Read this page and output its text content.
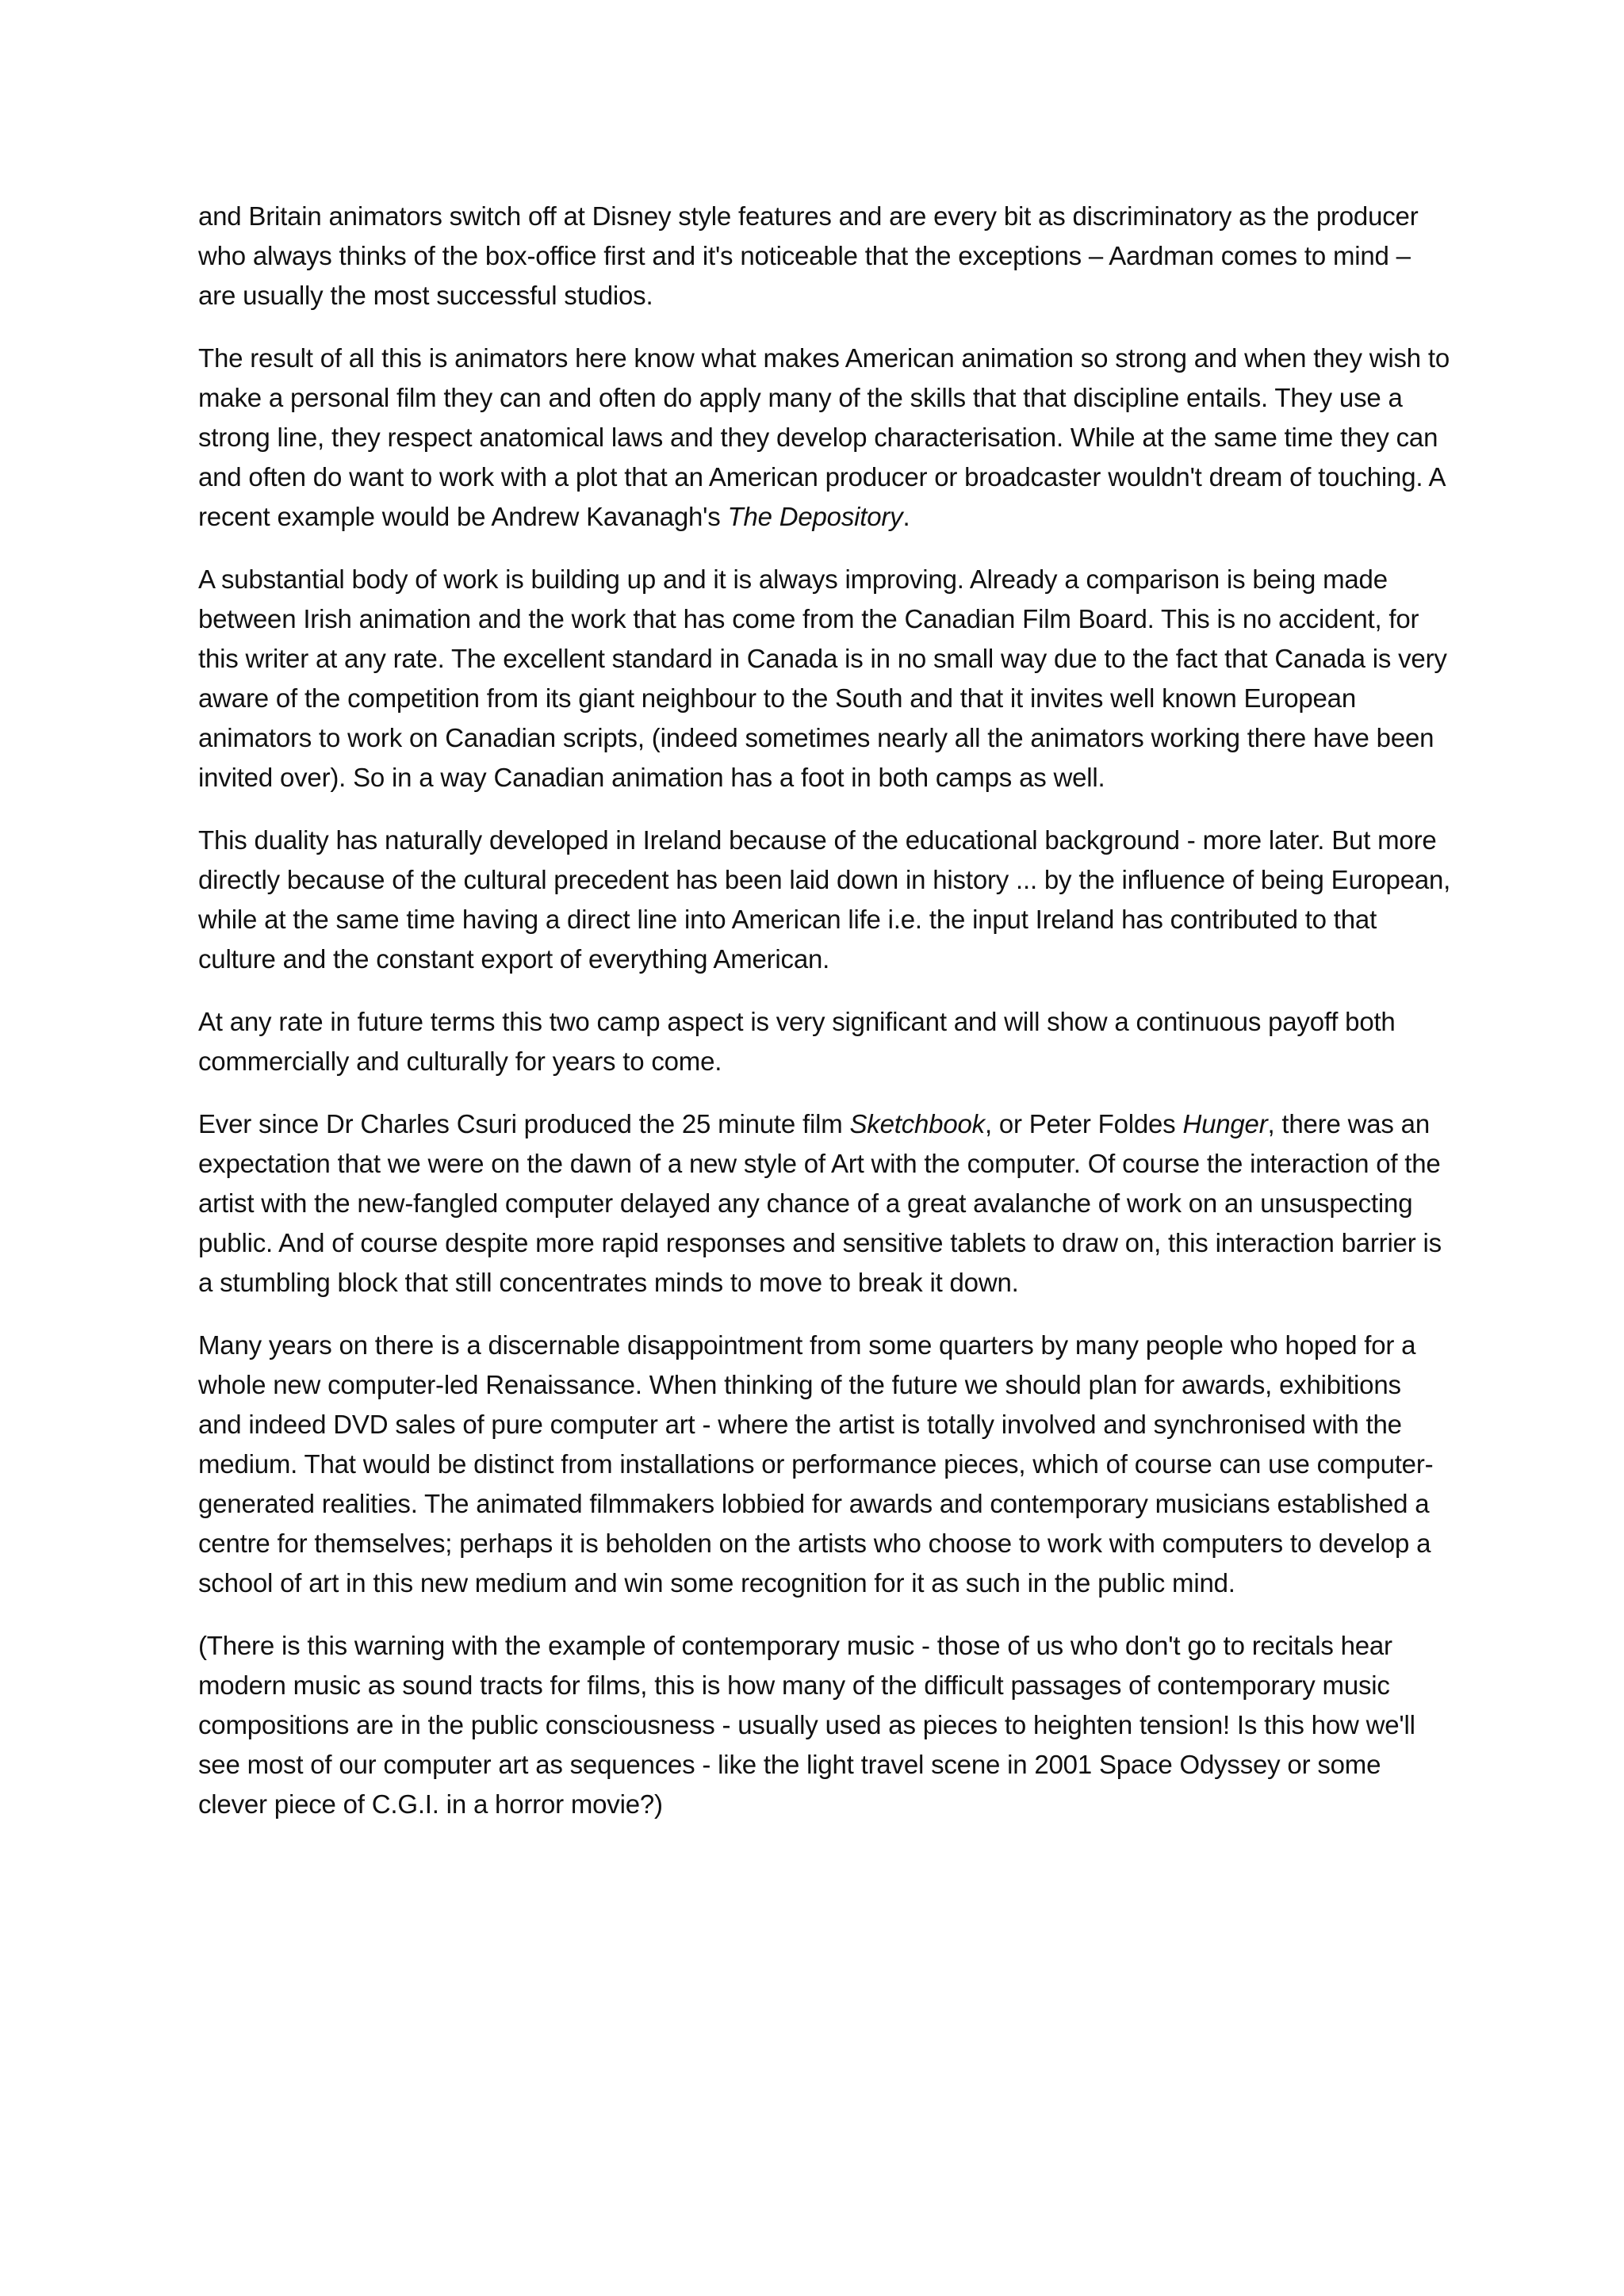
and Britain animators switch off at Disney style features and are every bit as discriminatory as the producer who always thinks of the box-office first and it's noticeable that the exceptions – Aardman comes to mind – are usually the most successful studios.

The result of all this is animators here know what makes American animation so strong and when they wish to make a personal film they can and often do apply many of the skills that that discipline entails. They use a strong line, they respect anatomical laws and they develop characterisation. While at the same time they can and often do want to work with a plot that an American producer or broadcaster wouldn't dream of touching. A recent example would be Andrew Kavanagh's The Depository.

A substantial body of work is building up and it is always improving. Already a comparison is being made between Irish animation and the work that has come from the Canadian Film Board. This is no accident, for this writer at any rate. The excellent standard in Canada is in no small way due to the fact that Canada is very aware of the competition from its giant neighbour to the South and that it invites well known European animators to work on Canadian scripts, (indeed sometimes nearly all the animators working there have been invited over). So in a way Canadian animation has a foot in both camps as well.

This duality has naturally developed in Ireland because of the educational background - more later. But more directly because of the cultural precedent has been laid down in history ... by the influence of being European, while at the same time having a direct line into American life i.e. the input Ireland has contributed to that culture and the constant export of everything American.

At any rate in future terms this two camp aspect is very significant and will show a continuous payoff both commercially and culturally for years to come.

Ever since Dr Charles Csuri produced the 25 minute film Sketchbook, or Peter Foldes Hunger, there was an expectation that we were on the dawn of a new style of Art with the computer. Of course the interaction of the artist with the new-fangled computer delayed any chance of a great avalanche of work on an unsuspecting public. And of course despite more rapid responses and sensitive tablets to draw on, this interaction barrier is a stumbling block that still concentrates minds to move to break it down.

Many years on there is a discernable disappointment from some quarters by many people who hoped for a whole new computer-led Renaissance. When thinking of the future we should plan for awards, exhibitions and indeed DVD sales of pure computer art - where the artist is totally involved and synchronised with the medium. That would be distinct from installations or performance pieces, which of course can use computer-generated realities. The animated filmmakers lobbied for awards and contemporary musicians established a centre for themselves; perhaps it is beholden on the artists who choose to work with computers to develop a school of art in this new medium and win some recognition for it as such in the public mind.

(There is this warning with the example of contemporary music - those of us who don't go to recitals hear modern music as sound tracts for films, this is how many of the difficult passages of contemporary music compositions are in the public consciousness - usually used as pieces to heighten tension! Is this how we'll see most of our computer art as sequences - like the light travel scene in 2001 Space Odyssey or some clever piece of C.G.I. in a horror movie?)
